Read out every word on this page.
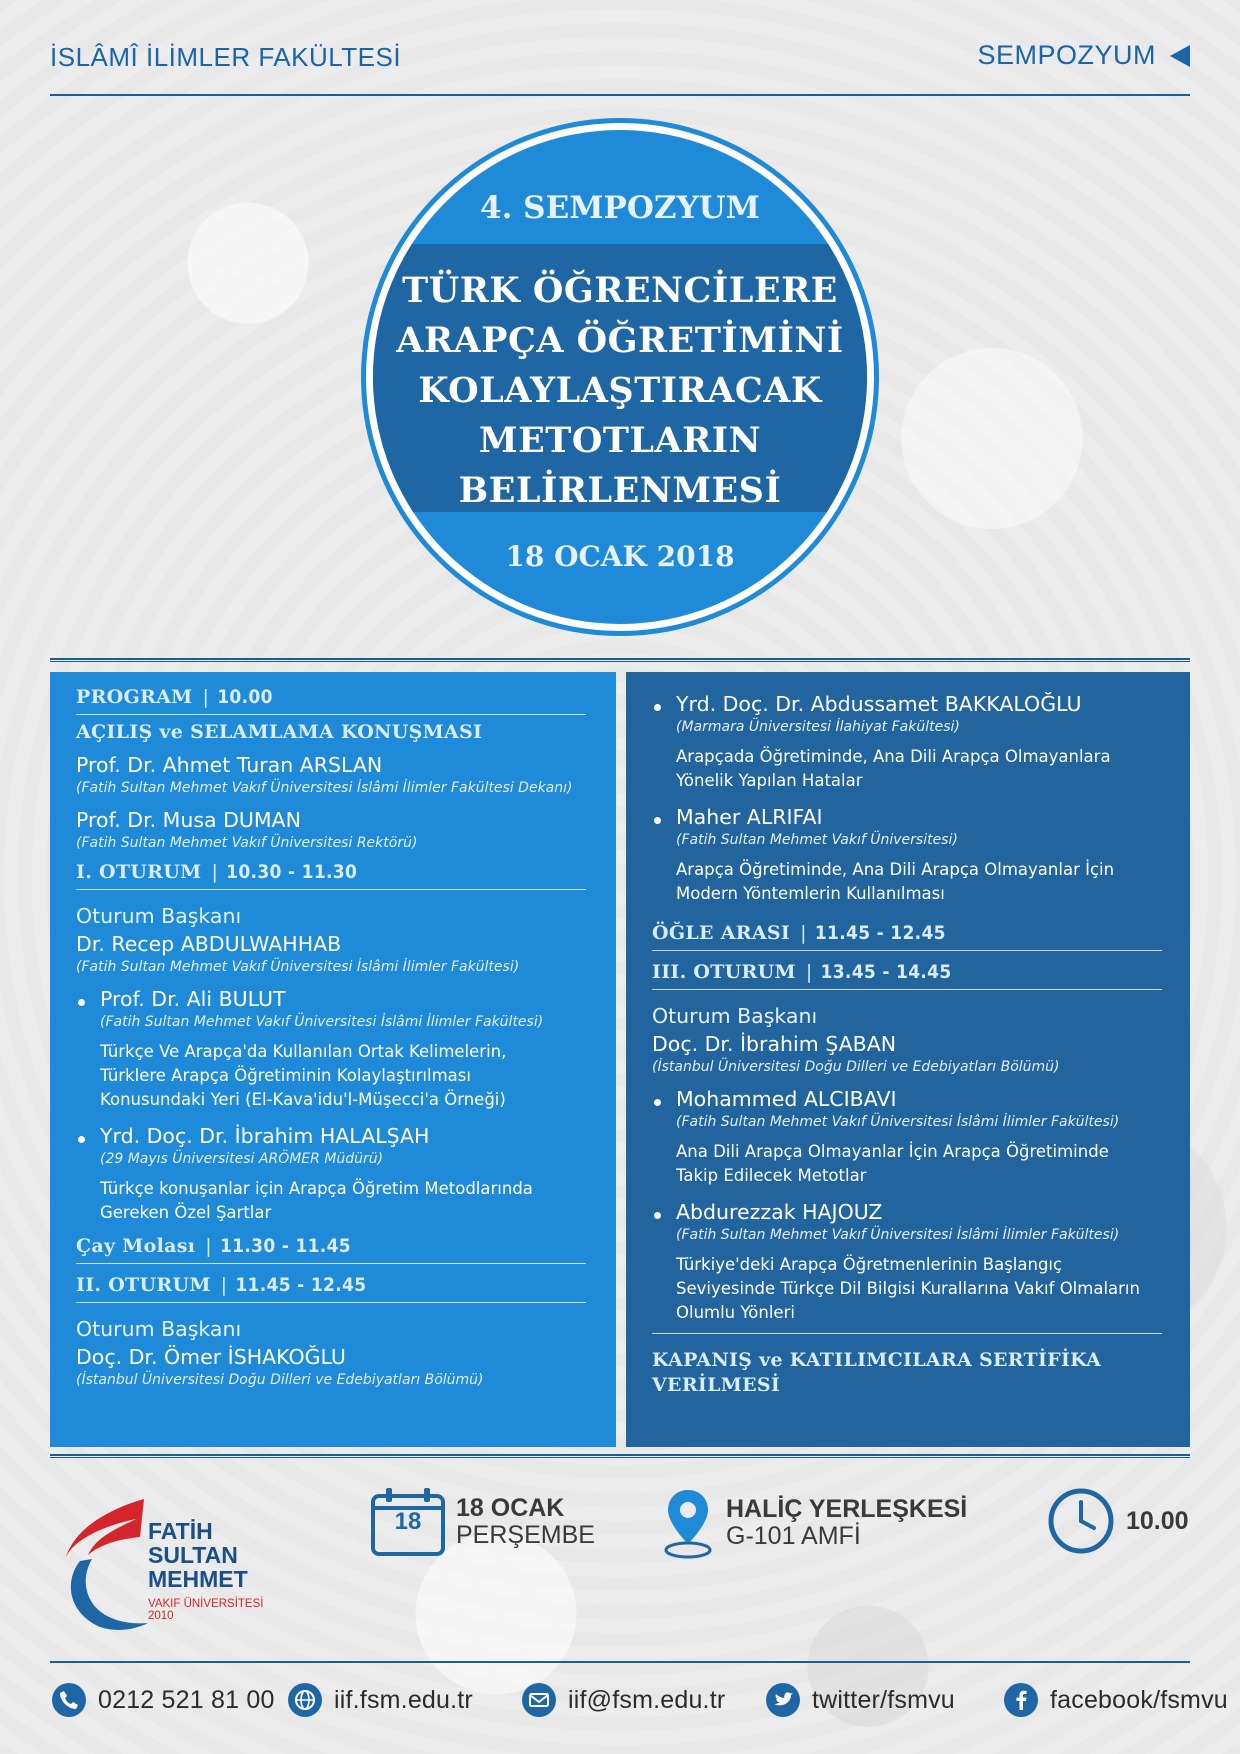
İSLÂMÎ İLİMLER FAKÜLTESİ	SEMPOZYUM
4. SEMPOZYUM
TÜRK ÖĞRENCİLERE
ARAPÇA ÖĞRETİMİNİ
KOLAYLAŞTIRACAK
METOTLARIN
BELİRLENMESİ
18 OCAK 2018
PROGRAM | 10.00
AÇILIŞ ve SELAMLAMA KONUŞMASI
Prof. Dr. Ahmet Turan ARSLAN
(Fatih Sultan Mehmet Vakıf Üniversitesi İslâmi İlimler Fakültesi Dekanı)
Prof. Dr. Musa DUMAN
(Fatih Sultan Mehmet Vakıf Üniversitesi Rektörü)
I. OTURUM | 10.30 - 11.30
Oturum Başkanı
Dr. Recep ABDULWAHHAB
(Fatih Sultan Mehmet Vakıf Üniversitesi İslâmi İlimler Fakültesi)
Prof. Dr. Ali BULUT
(Fatih Sultan Mehmet Vakıf Üniversitesi İslâmi İlimler Fakültesi)
Türkçe Ve Arapça'da Kullanılan Ortak Kelimelerin,
Türklere Arapça Öğretiminin Kolaylaştırılması
Konusundaki Yeri (El-Kava'idu'l-Müşecci'a Örneği)
Yrd. Doç. Dr. İbrahim HALALŞAH
(29 Mayıs Üniversitesi ARÖMER Müdürü)
Türkçe konuşanlar için Arapça Öğretim Metodlarında
Gereken Özel Şartlar
Çay Molası | 11.30 - 11.45
II. OTURUM | 11.45 - 12.45
Oturum Başkanı
Doç. Dr. Ömer İSHAKOĞLU
(İstanbul Üniversitesi Doğu Dilleri ve Edebiyatları Bölümü)
Yrd. Doç. Dr. Abdussamet BAKKALOĞLU
(Marmara Üniversitesi İlahiyat Fakültesi)
Arapçada Öğretiminde, Ana Dili Arapça Olmayanlara
Yönelik Yapılan Hatalar
Maher ALRIFAI
(Fatih Sultan Mehmet Vakıf Üniversitesi)
Arapça Öğretiminde, Ana Dili Arapça Olmayanlar İçin
Modern Yöntemlerin Kullanılması
ÖĞLE ARASI | 11.45 - 12.45
III. OTURUM | 13.45 - 14.45
Oturum Başkanı
Doç. Dr. İbrahim ŞABAN
(İstanbul Üniversitesi Doğu Dilleri ve Edebiyatları Bölümü)
Mohammed ALCIBAVI
(Fatih Sultan Mehmet Vakıf Üniversitesi İslâmi İlimler Fakültesi)
Ana Dili Arapça Olmayanlar İçin Arapça Öğretiminde
Takip Edilecek Metotlar
Abdurezzak HAJOUZ
(Fatih Sultan Mehmet Vakıf Üniversitesi İslâmi İlimler Fakültesi)
Türkiye'deki Arapça Öğretmenlerinin Başlangıç
Seviyesinde Türkçe Dil Bilgisi Kurallarına Vakıf Olmaların
Olumlu Yönleri
KAPANIŞ ve KATILIMCILARA SERTİFİKA
VERİLMESİ
FATİH
SULTAN
MEHMET
VAKIF ÜNİVERSİTESİ
2010
18	18 OCAK
PERŞEMBE
HALİÇ YERLEŞKESİ
G-101 AMFİ
10.00
0212 521 81 00 iif.fsm.edu.tr	iif@fsm.edu.tr	twitter/fsmvu	facebook/fsmvu
